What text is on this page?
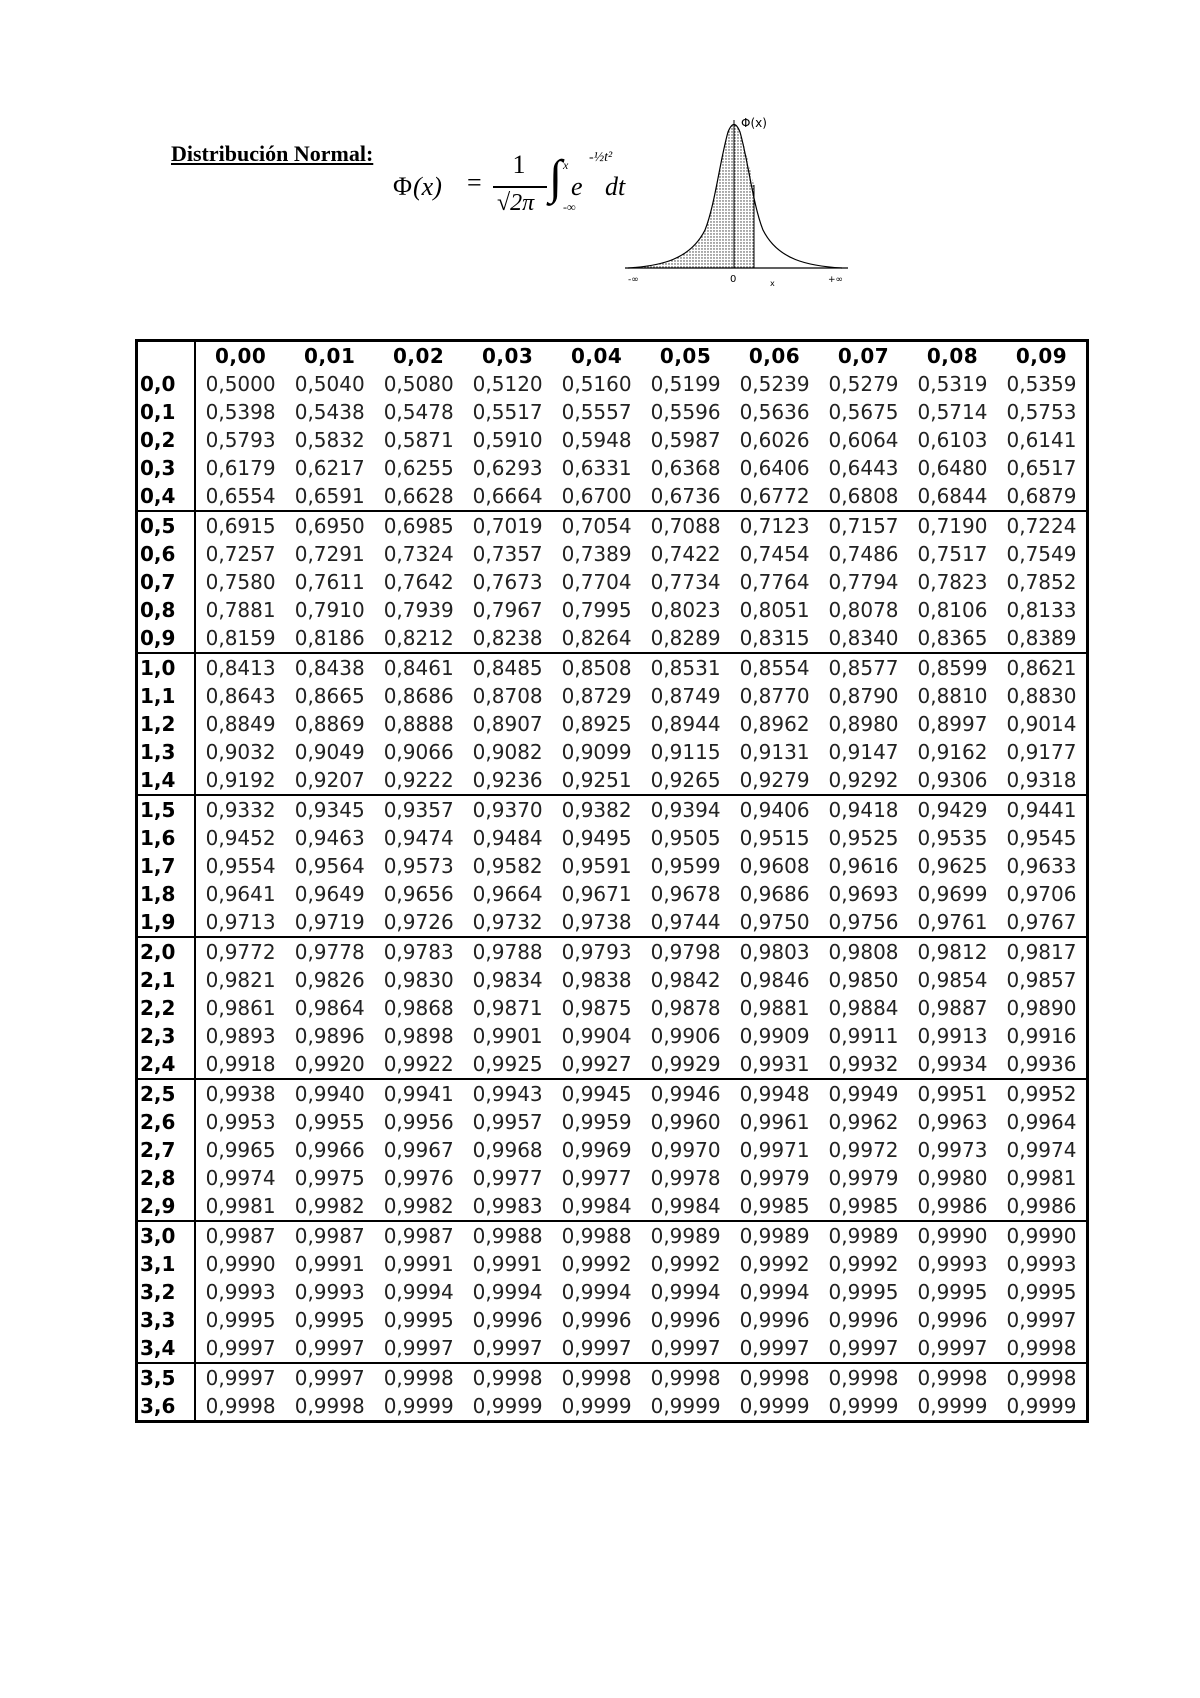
Distribución Normal:
Φ (x) =
1
√2π ∫ x
-∞
e
-½t²
dt
Φ(x)
-∞	0	x	+∞
	0,00	0,01	0,02	0,03	0,04	0,05	0,06	0,07	0,08	0,09
0,0	0,5000	0,5040	0,5080	0,5120	0,5160	0,5199	0,5239	0,5279	0,5319	0,5359
0,1	0,5398	0,5438	0,5478	0,5517	0,5557	0,5596	0,5636	0,5675	0,5714	0,5753
0,2	0,5793	0,5832	0,5871	0,5910	0,5948	0,5987	0,6026	0,6064	0,6103	0,6141
0,3	0,6179	0,6217	0,6255	0,6293	0,6331	0,6368	0,6406	0,6443	0,6480	0,6517
0,4	0,6554	0,6591	0,6628	0,6664	0,6700	0,6736	0,6772	0,6808	0,6844	0,6879
0,5	0,6915	0,6950	0,6985	0,7019	0,7054	0,7088	0,7123	0,7157	0,7190	0,7224
0,6	0,7257	0,7291	0,7324	0,7357	0,7389	0,7422	0,7454	0,7486	0,7517	0,7549
0,7	0,7580	0,7611	0,7642	0,7673	0,7704	0,7734	0,7764	0,7794	0,7823	0,7852
0,8	0,7881	0,7910	0,7939	0,7967	0,7995	0,8023	0,8051	0,8078	0,8106	0,8133
0,9	0,8159	0,8186	0,8212	0,8238	0,8264	0,8289	0,8315	0,8340	0,8365	0,8389
1,0	0,8413	0,8438	0,8461	0,8485	0,8508	0,8531	0,8554	0,8577	0,8599	0,8621
1,1	0,8643	0,8665	0,8686	0,8708	0,8729	0,8749	0,8770	0,8790	0,8810	0,8830
1,2	0,8849	0,8869	0,8888	0,8907	0,8925	0,8944	0,8962	0,8980	0,8997	0,9014
1,3	0,9032	0,9049	0,9066	0,9082	0,9099	0,9115	0,9131	0,9147	0,9162	0,9177
1,4	0,9192	0,9207	0,9222	0,9236	0,9251	0,9265	0,9279	0,9292	0,9306	0,9318
1,5	0,9332	0,9345	0,9357	0,9370	0,9382	0,9394	0,9406	0,9418	0,9429	0,9441
1,6	0,9452	0,9463	0,9474	0,9484	0,9495	0,9505	0,9515	0,9525	0,9535	0,9545
1,7	0,9554	0,9564	0,9573	0,9582	0,9591	0,9599	0,9608	0,9616	0,9625	0,9633
1,8	0,9641	0,9649	0,9656	0,9664	0,9671	0,9678	0,9686	0,9693	0,9699	0,9706
1,9	0,9713	0,9719	0,9726	0,9732	0,9738	0,9744	0,9750	0,9756	0,9761	0,9767
2,0	0,9772	0,9778	0,9783	0,9788	0,9793	0,9798	0,9803	0,9808	0,9812	0,9817
2,1	0,9821	0,9826	0,9830	0,9834	0,9838	0,9842	0,9846	0,9850	0,9854	0,9857
2,2	0,9861	0,9864	0,9868	0,9871	0,9875	0,9878	0,9881	0,9884	0,9887	0,9890
2,3	0,9893	0,9896	0,9898	0,9901	0,9904	0,9906	0,9909	0,9911	0,9913	0,9916
2,4	0,9918	0,9920	0,9922	0,9925	0,9927	0,9929	0,9931	0,9932	0,9934	0,9936
2,5	0,9938	0,9940	0,9941	0,9943	0,9945	0,9946	0,9948	0,9949	0,9951	0,9952
2,6	0,9953	0,9955	0,9956	0,9957	0,9959	0,9960	0,9961	0,9962	0,9963	0,9964
2,7	0,9965	0,9966	0,9967	0,9968	0,9969	0,9970	0,9971	0,9972	0,9973	0,9974
2,8	0,9974	0,9975	0,9976	0,9977	0,9977	0,9978	0,9979	0,9979	0,9980	0,9981
2,9	0,9981	0,9982	0,9982	0,9983	0,9984	0,9984	0,9985	0,9985	0,9986	0,9986
3,0	0,9987	0,9987	0,9987	0,9988	0,9988	0,9989	0,9989	0,9989	0,9990	0,9990
3,1	0,9990	0,9991	0,9991	0,9991	0,9992	0,9992	0,9992	0,9992	0,9993	0,9993
3,2	0,9993	0,9993	0,9994	0,9994	0,9994	0,9994	0,9994	0,9995	0,9995	0,9995
3,3	0,9995	0,9995	0,9995	0,9996	0,9996	0,9996	0,9996	0,9996	0,9996	0,9997
3,4	0,9997	0,9997	0,9997	0,9997	0,9997	0,9997	0,9997	0,9997	0,9997	0,9998
3,5	0,9997	0,9997	0,9998	0,9998	0,9998	0,9998	0,9998	0,9998	0,9998	0,9998
3,6	0,9998	0,9998	0,9999	0,9999	0,9999	0,9999	0,9999	0,9999	0,9999	0,9999
